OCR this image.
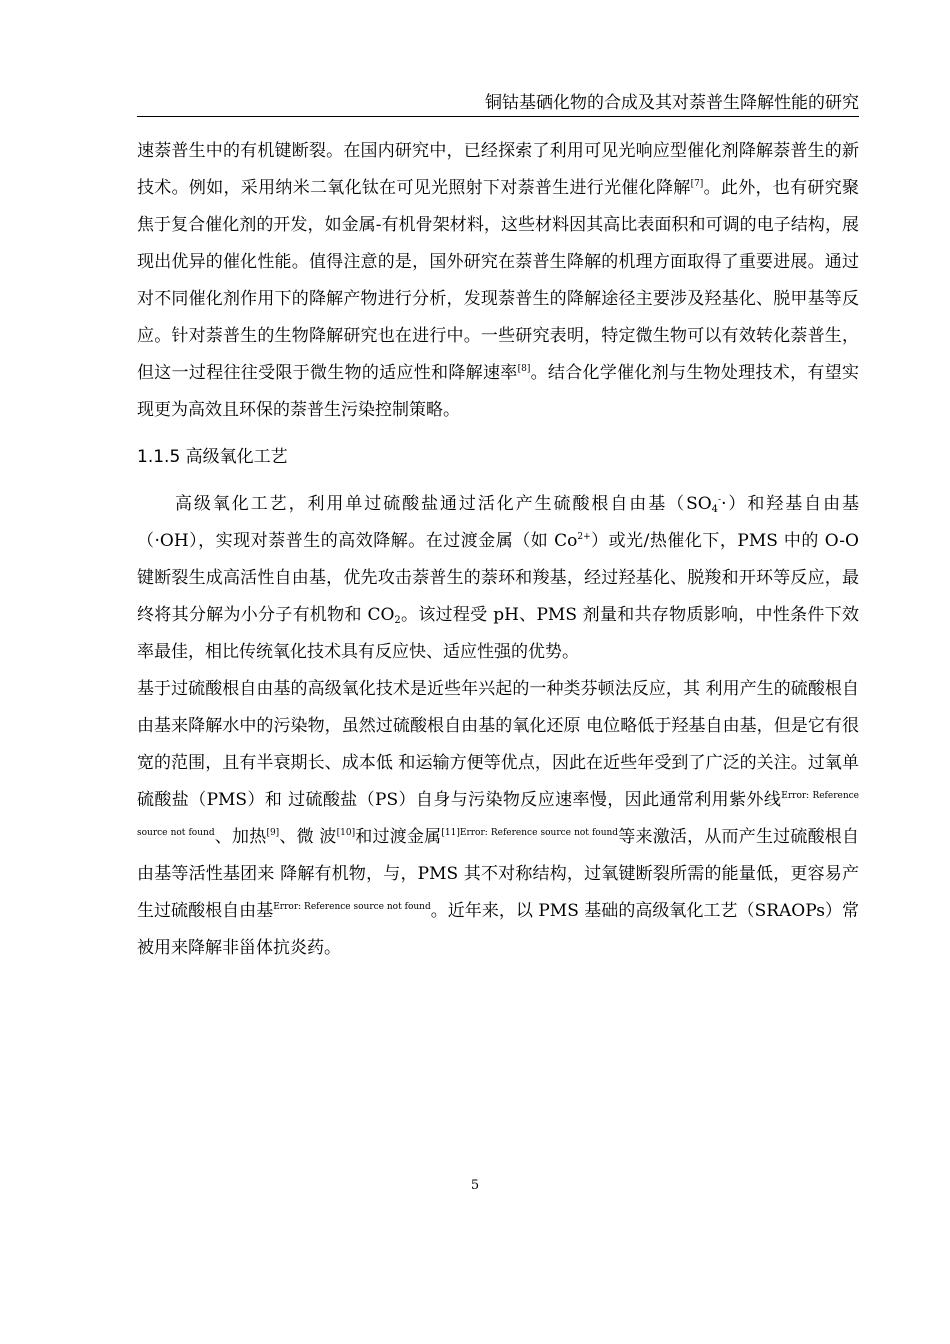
铜钴基硒化物的合成及其对萘普生降解性能的研究

速萘普生中的有机键断裂。在国内研究中，已经探索了利用可见光响应型催化剂降解萘普生的新技术。例如，采用纳米二氧化钛在可见光照射下对萘普生进行光催化降解[7]。此外，也有研究聚焦于复合催化剂的开发，如金属-有机骨架材料，这些材料因其高比表面积和可调的电子结构，展现出优异的催化性能。值得注意的是，国外研究在萘普生降解的机理方面取得了重要进展。通过对不同催化剂作用下的降解产物进行分析，发现萘普生的降解途径主要涉及羟基化、脱甲基等反应。针对萘普生的生物降解研究也在进行中。一些研究表明，特定微生物可以有效转化萘普生，但这一过程往往受限于微生物的适应性和降解速率[8]。结合化学催化剂与生物处理技术，有望实现更为高效且环保的萘普生污染控制策略。

1.1.5 高级氧化工艺

高级氧化工艺，利用单过硫酸盐通过活化产生硫酸根自由基$(SO_4^-\cdot)$和羟基自由基（·OH），实现对萘普生的高效降解。在过渡金属（如 $Co^{2+}$）或光/热催化下，PMS 中的 O-O 键断裂生成高活性自由基，优先攻击萘普生的萘环和羧基，经过羟基化、脱羧和开环等反应，最终将其分解为小分子有机物和 $CO_2$。该过程受 pH、PMS 剂量和共存物质影响，中性条件下效率最佳，相比传统氧化技术具有反应快、适应性强的优势。

基于过硫酸根自由基的高级氧化技术是近些年兴起的一种类芬顿法反应，其 利用产生的硫酸根自由基来降解水中的污染物，虽然过硫酸根自由基的氧化还原 电位略低于羟基自由基，但是它有很宽的范围，且有半衰期长、成本低 和运输方便等优点，因此在近些年受到了广泛的关注。过氧单硫酸盐（PMS）和 过硫酸盐（PS）自身与污染物反应速率慢，因此通常利用紫外线$^{Error: Reference source not found}$、加热[9]、微 波[10]和过渡金属$^{[11]Error: Reference source not found}$等来激活，从而产生过硫酸根自由基等活性基团来 降解有机物，与，PMS 其不对称结构，过氧键断裂所需的能量低，更容易产生过硫酸根自由基$^{Error: Reference source not found}$。近年来，以 PMS 基础的高级氧化工艺（SRAOPs）常被用来降解非甾体抗炎药。

5
